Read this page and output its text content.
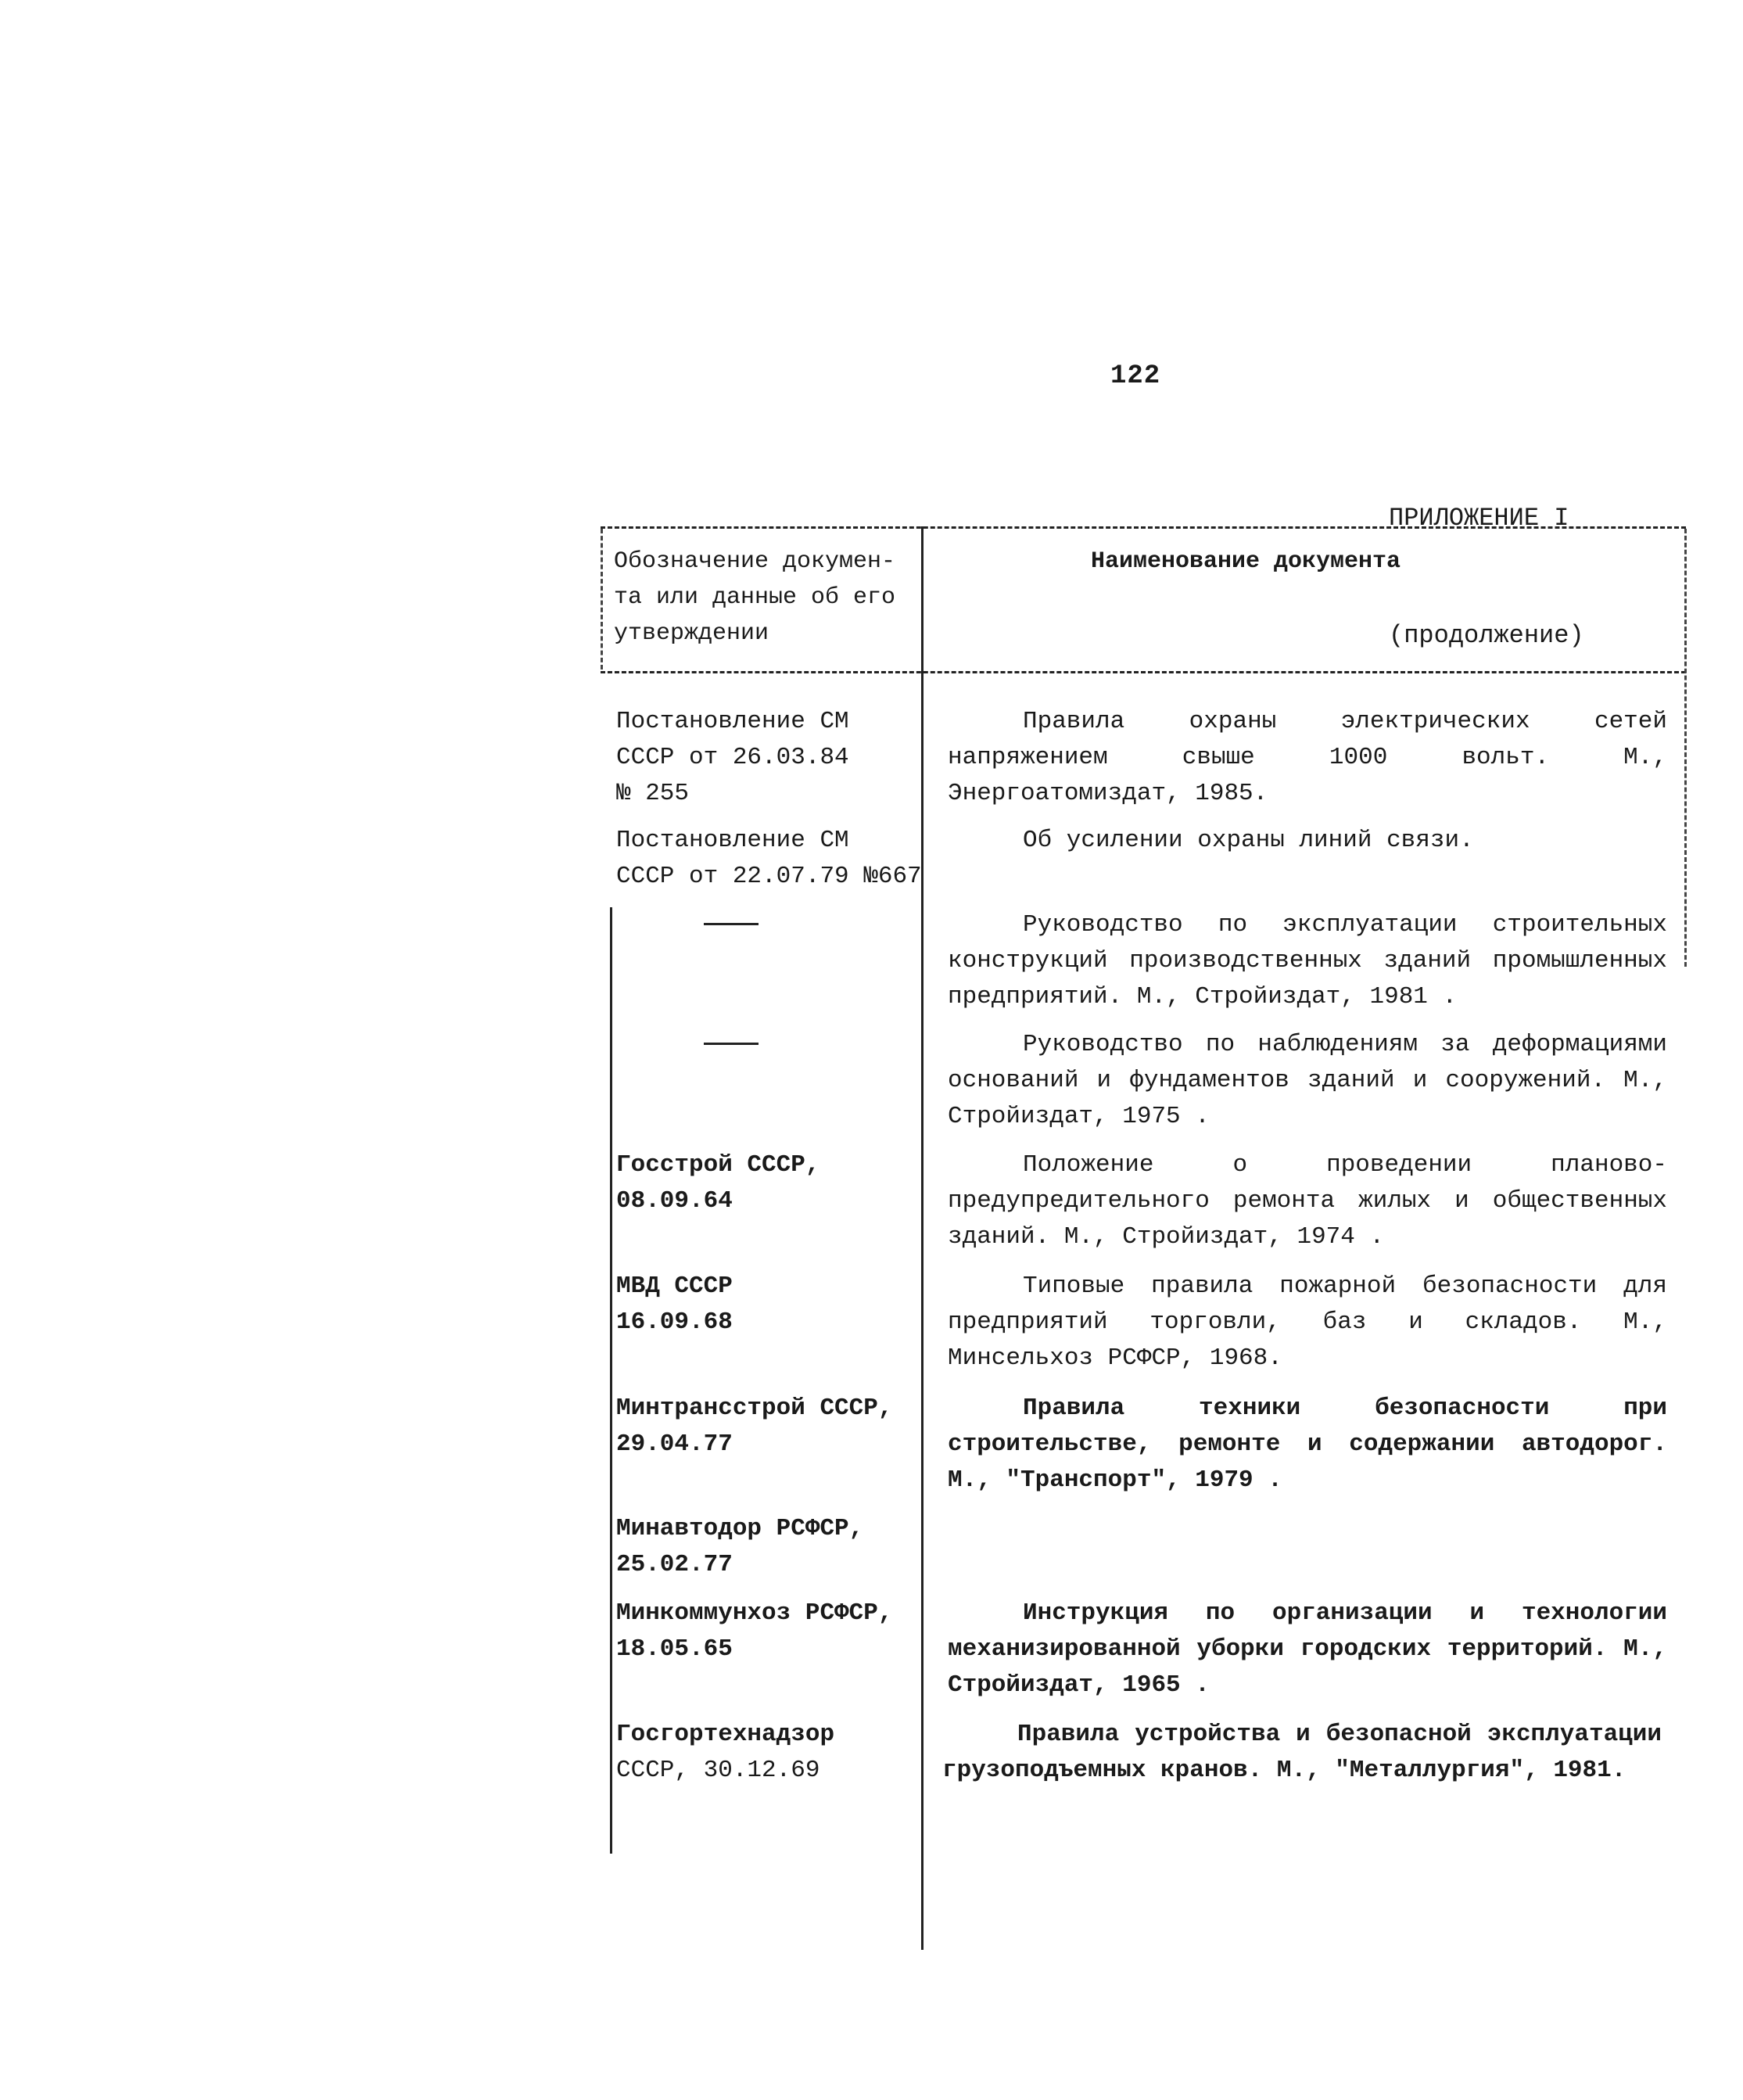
122

ПРИЛОЖЕНИЕ I

(продолжение)

Обозначение докумен-
та или данные об его
утверждении
Наименование документа
Постановление СМ
СССР от 26.03.84
№ 255
Правила охраны электрических сетей напряжением свыше 1000 вольт. М., Энергоатомиздат, 1985.
Постановление СМ
СССР от 22.07.79 №667
Об усилении охраны линий связи.
Руководство по эксплуатации строительных конструкций производственных зданий промышленных предприятий. М., Стройиздат, 1981 .
Руководство по наблюдениям за деформациями оснований и фундаментов зданий и сооружений. М., Стройиздат, 1975 .
Госстрой СССР,
08.09.64
Положение о проведении планово-предупредительного ремонта жилых и общественных зданий. М., Стройиздат, 1974 .
МВД СССР
16.09.68
Типовые правила пожарной безопасности для предприятий торговли, баз и складов. М., Минсельхоз РСФСР, 1968.
Минтрансстрой СССР,
29.04.77
Правила техники безопасности при строительстве, ремонте и содержании автодорог. М., "Транспорт", 1979 .
Минавтодор РСФСР,
25.02.77
Минкоммунхоз РСФСР,
18.05.65
Инструкция по организации и технологии механизированной уборки городских территорий. М., Стройиздат, 1965 .
Госгортехнадзор
СССР, 30.12.69
Правила устройства и безопасной эксплуатации грузоподъемных кранов. М., "Металлургия", 1981.
